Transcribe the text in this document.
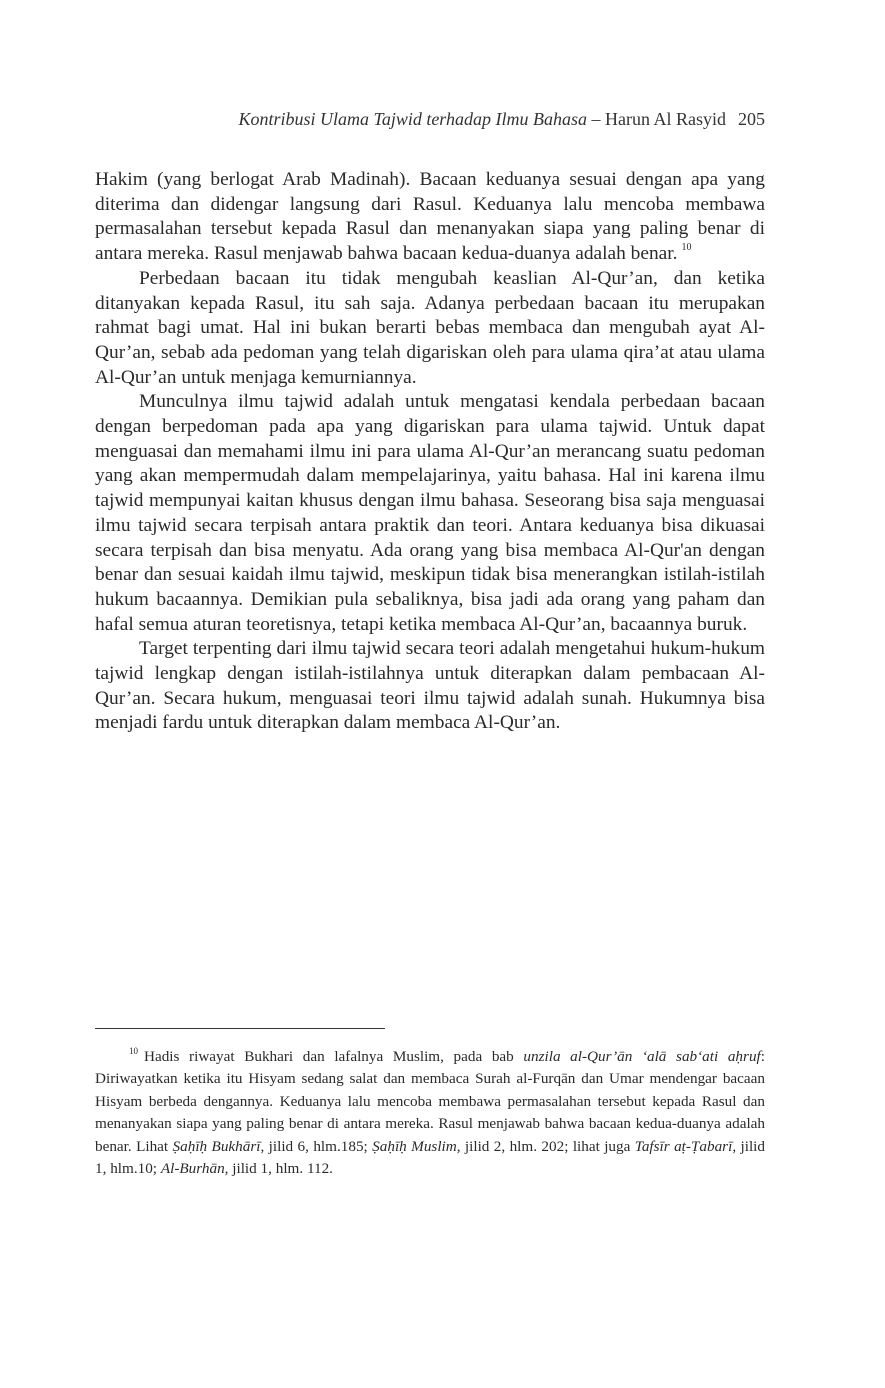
Kontribusi Ulama Tajwid terhadap Ilmu Bahasa – Harun Al Rasyid 205

Hakim (yang berlogat Arab Madinah). Bacaan keduanya sesuai dengan apa yang diterima dan didengar langsung dari Rasul. Keduanya lalu mencoba membawa permasalahan tersebut kepada Rasul dan menanyakan siapa yang paling benar di antara mereka. Rasul menjawab bahwa bacaan kedua-duanya adalah benar. $^{10}$

Perbedaan bacaan itu tidak mengubah keaslian Al-Qur’an, dan ketika ditanyakan kepada Rasul, itu sah saja. Adanya perbedaan bacaan itu merupakan rahmat bagi umat. Hal ini bukan berarti bebas membaca dan mengubah ayat Al-Qur’an, sebab ada pedoman yang telah digariskan oleh para ulama qira’at atau ulama Al-Qur’an untuk menjaga kemurniannya.

Munculnya ilmu tajwid adalah untuk mengatasi kendala perbedaan bacaan dengan berpedoman pada apa yang digariskan para ulama tajwid. Untuk dapat menguasai dan memahami ilmu ini para ulama Al-Qur’an merancang suatu pedoman yang akan mempermudah dalam mempelajarinya, yaitu bahasa. Hal ini karena ilmu tajwid mempunyai kaitan khusus dengan ilmu bahasa. Seseorang bisa saja menguasai ilmu tajwid secara terpisah antara praktik dan teori. Antara keduanya bisa dikuasai secara terpisah dan bisa menyatu. Ada orang yang bisa membaca Al-Qur'an dengan benar dan sesuai kaidah ilmu tajwid, meskipun tidak bisa menerangkan istilah-istilah hukum bacaannya. Demikian pula sebaliknya, bisa jadi ada orang yang paham dan hafal semua aturan teoretisnya, tetapi ketika membaca Al-Qur’an, bacaannya buruk.

Target terpenting dari ilmu tajwid secara teori adalah mengetahui hukum-hukum tajwid lengkap dengan istilah-istilahnya untuk diterapkan dalam pembacaan Al-Qur’an. Secara hukum, menguasai teori ilmu tajwid adalah sunah. Hukumnya bisa menjadi fardu untuk diterapkan dalam membaca Al-Qur’an.

$^{10}$ Hadis riwayat Bukhari dan lafalnya Muslim, pada bab unzila al-Qur’ān ‘alā sab‘ati aḥruf: Diriwayatkan ketika itu Hisyam sedang salat dan membaca Surah al-Furqān dan Umar mendengar bacaan Hisyam berbeda dengannya. Keduanya lalu mencoba membawa permasalahan tersebut kepada Rasul dan menanyakan siapa yang paling benar di antara mereka. Rasul menjawab bahwa bacaan kedua-duanya adalah benar. Lihat Ṣaḥīḥ Bukhārī, jilid 6, hlm.185; Ṣaḥīḥ Muslim, jilid 2, hlm. 202; lihat juga Tafsīr aṭ-Ṭabarī, jilid 1, hlm.10; Al-Burhān, jilid 1, hlm. 112.
